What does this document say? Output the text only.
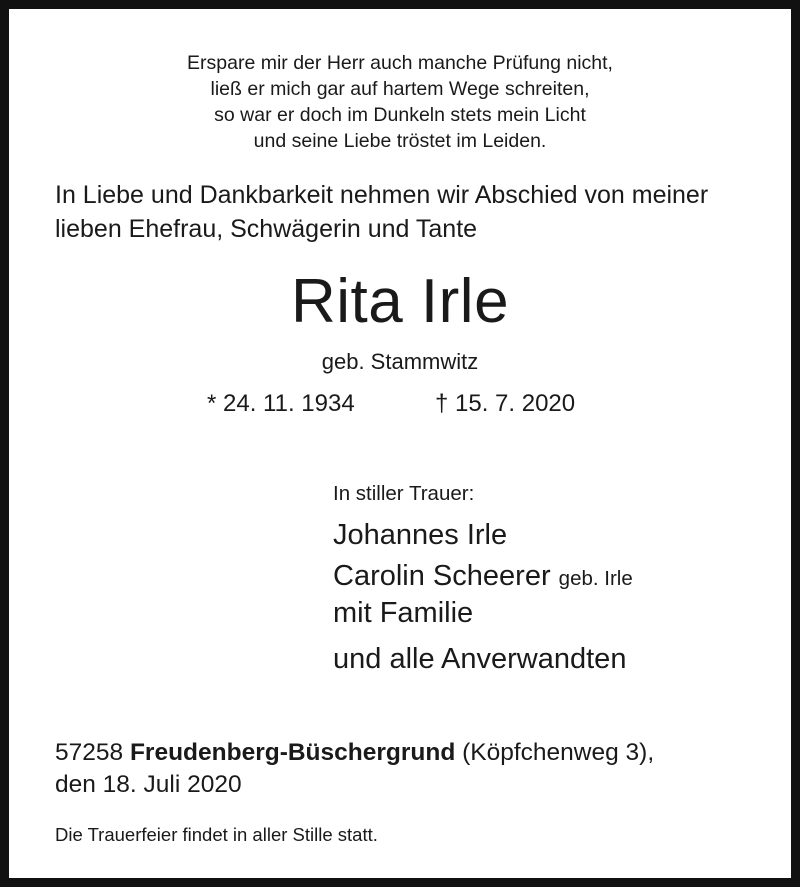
Erspare mir der Herr auch manche Prüfung nicht,
ließ er mich gar auf hartem Wege schreiten,
so war er doch im Dunkeln stets mein Licht
und seine Liebe tröstet im Leiden.
In Liebe und Dankbarkeit nehmen wir Abschied von meiner
lieben Ehefrau, Schwägerin und Tante
Rita Irle
geb. Stammwitz
* 24. 11. 1934	† 15. 7. 2020
In stiller Trauer:
Johannes Irle
Carolin Scheerer geb. Irle
mit Familie
und alle Anverwandten
57258 Freudenberg-Büschergrund (Köpfchenweg 3),
den 18. Juli 2020
Die Trauerfeier findet in aller Stille statt.
